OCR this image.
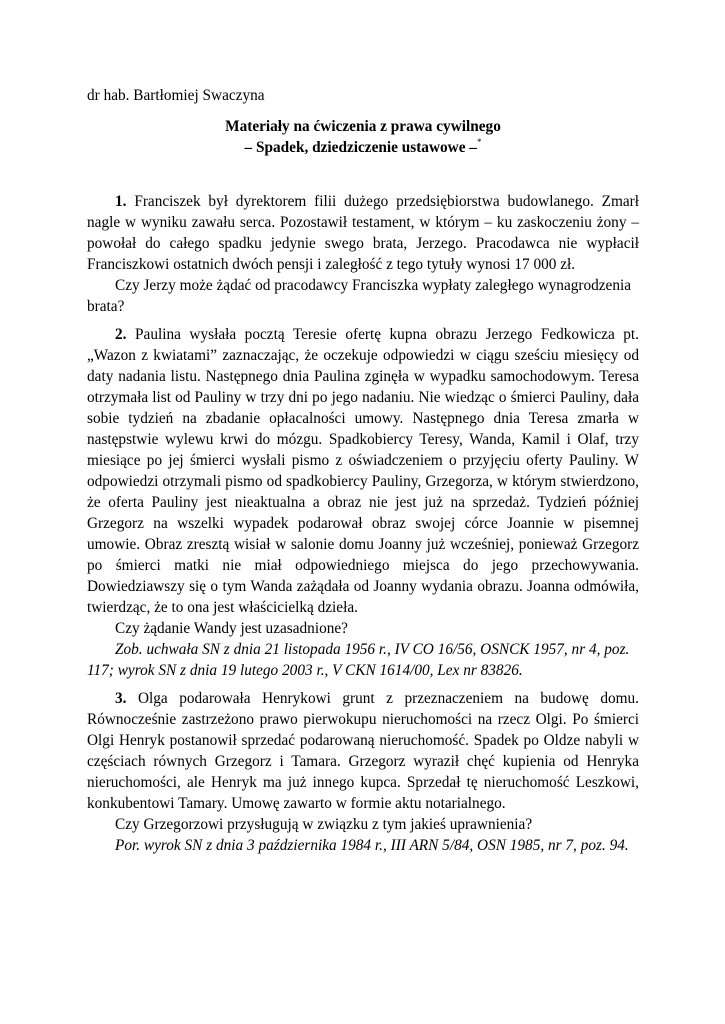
dr hab. Bartłomiej Swaczyna
Materiały na ćwiczenia z prawa cywilnego
– Spadek, dziedziczenie ustawowe –*

1. Franciszek był dyrektorem filii dużego przedsiębiorstwa budowlanego. Zmarł nagle w wyniku zawału serca. Pozostawił testament, w którym – ku zaskoczeniu żony – powołał do całego spadku jedynie swego brata, Jerzego. Pracodawca nie wypłacił Franciszkowi ostatnich dwóch pensji i zaległość z tego tytuły wynosi 17 000 zł.

Czy Jerzy może żądać od pracodawcy Franciszka wypłaty zaległego wynagrodzenia brata?

2. Paulina wysłała pocztą Teresie ofertę kupna obrazu Jerzego Fedkowicza pt. „Wazon z kwiatami” zaznaczając, że oczekuje odpowiedzi w ciągu sześciu miesięcy od daty nadania listu. Następnego dnia Paulina zginęła w wypadku samochodowym. Teresa otrzymała list od Pauliny w trzy dni po jego nadaniu. Nie wiedząc o śmierci Pauliny, dała sobie tydzień na zbadanie opłacalności umowy. Następnego dnia Teresa zmarła w następstwie wylewu krwi do mózgu. Spadkobiercy Teresy, Wanda, Kamil i Olaf, trzy miesiące po jej śmierci wysłali pismo z oświadczeniem o przyjęciu oferty Pauliny. W odpowiedzi otrzymali pismo od spadkobiercy Pauliny, Grzegorza, w którym stwierdzono, że oferta Pauliny jest nieaktualna a obraz nie jest już na sprzedaż. Tydzień później Grzegorz na wszelki wypadek podarował obraz swojej córce Joannie w pisemnej umowie. Obraz zresztą wisiał w salonie domu Joanny już wcześniej, ponieważ Grzegorz po śmierci matki nie miał odpowiedniego miejsca do jego przechowywania. Dowiedziawszy się o tym Wanda zażądała od Joanny wydania obrazu. Joanna odmówiła, twierdząc, że to ona jest właścicielką dzieła.

Czy żądanie Wandy jest uzasadnione?

Zob. uchwała SN z dnia 21 listopada 1956 r., IV CO 16/56, OSNCK 1957, nr 4, poz. 117; wyrok SN z dnia 19 lutego 2003 r., V CKN 1614/00, Lex nr 83826.

3. Olga podarowała Henrykowi grunt z przeznaczeniem na budowę domu. Równocześnie zastrzeżono prawo pierwokupu nieruchomości na rzecz Olgi. Po śmierci Olgi Henryk postanowił sprzedać podarowaną nieruchomość. Spadek po Oldze nabyli w częściach równych Grzegorz i Tamara. Grzegorz wyraził chęć kupienia od Henryka nieruchomości, ale Henryk ma już innego kupca. Sprzedał tę nieruchomość Leszkowi, konkubentowi Tamary. Umowę zawarto w formie aktu notarialnego.

Czy Grzegorzowi przysługują w związku z tym jakieś uprawnienia?

Por. wyrok SN z dnia 3 października 1984 r., III ARN 5/84, OSN 1985, nr 7, poz. 94.
